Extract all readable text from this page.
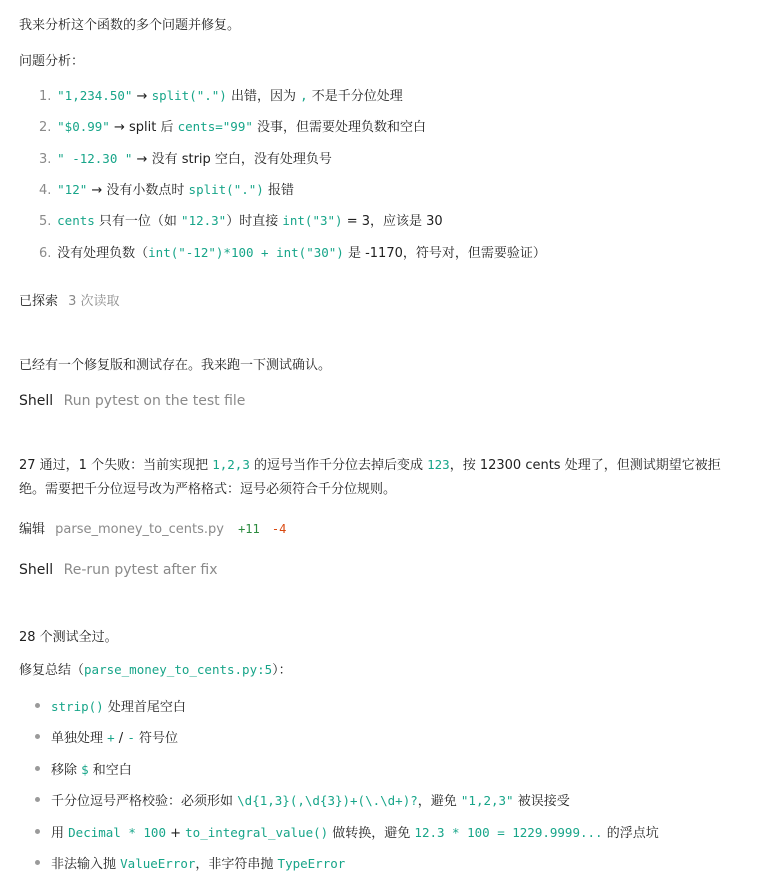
我来分析这个函数的多个问题并修复。
问题分析：
1. "1,234.50" → split(".") 出错，因为 , 不是千分位处理
2. "$0.99" → split 后 cents="99" 没事，但需要处理负数和空白
3. " -12.30 " → 没有 strip 空白，没有处理负号
4. "12" → 没有小数点时 split(".") 报错
5. cents 只有一位（如 "12.3"）时直接 int("3") = 3，应该是 30
6. 没有处理负数（int("-12")*100 + int("30") 是 -1170，符号对，但需要验证）
已探索 3 次读取
已经有一个修复版和测试存在。我来跑一下测试确认。
Shell Run pytest on the test file
27 通过，1 个失败：当前实现把 1,2,3 的逗号当作千分位去掉后变成 123，按 12300 cents 处理了，但测试期望它被拒
绝。需要把千分位逗号改为严格格式：逗号必须符合千分位规则。
编辑 parse_money_to_cents.py +11 -4
Shell Re-run pytest after fix
28 个测试全过。
修复总结（parse_money_to_cents.py:5）：
strip() 处理首尾空白
单独处理 + / - 符号位
移除 $ 和空白
千分位逗号严格校验：必须形如 \d{1,3}(,\d{3})+(\.\d+)?，避免 "1,2,3" 被误接受
用 Decimal * 100 + to_integral_value() 做转换，避免 12.3 * 100 = 1229.9999... 的浮点坑
非法输入抛 ValueError，非字符串抛 TypeError
